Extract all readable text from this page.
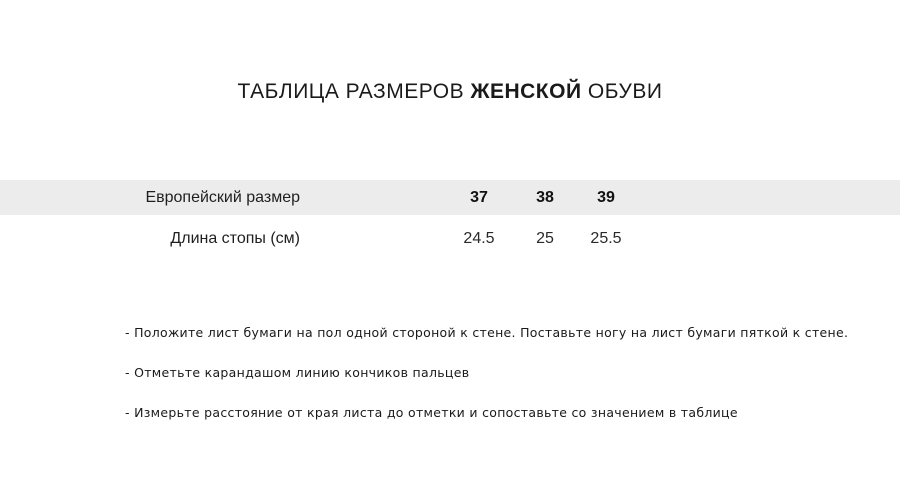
ТАБЛИЦА РАЗМЕРОВ ЖЕНСКОЙ ОБУВИ
Европейский размер	37	38	39
Длина стопы (см)	24.5	25	25.5
- Положите лист бумаги на пол одной стороной к стене. Поставьте ногу на лист бумаги пяткой к стене.
- Отметьте карандашом линию кончиков пальцев
- Измерьте расстояние от края листа до отметки и сопоставьте со значением в таблице
